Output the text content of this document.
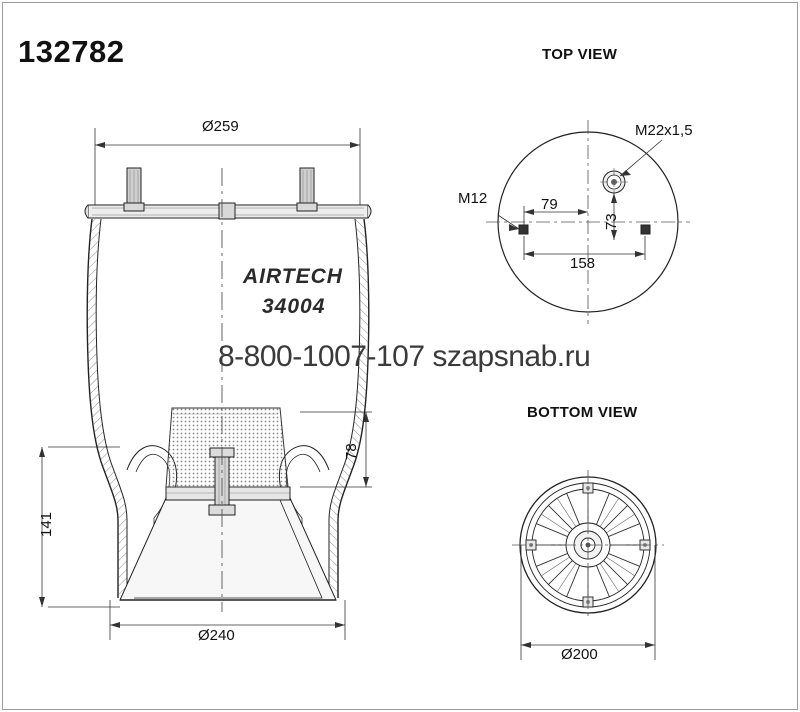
132782
Ø259
Ø240
141
78
AIRTECH
34004
TOP VIEW
M22x1,5
M12	79
73
158
BOTTOM VIEW
Ø200
8-800-1007-107 szapsnab.ru
